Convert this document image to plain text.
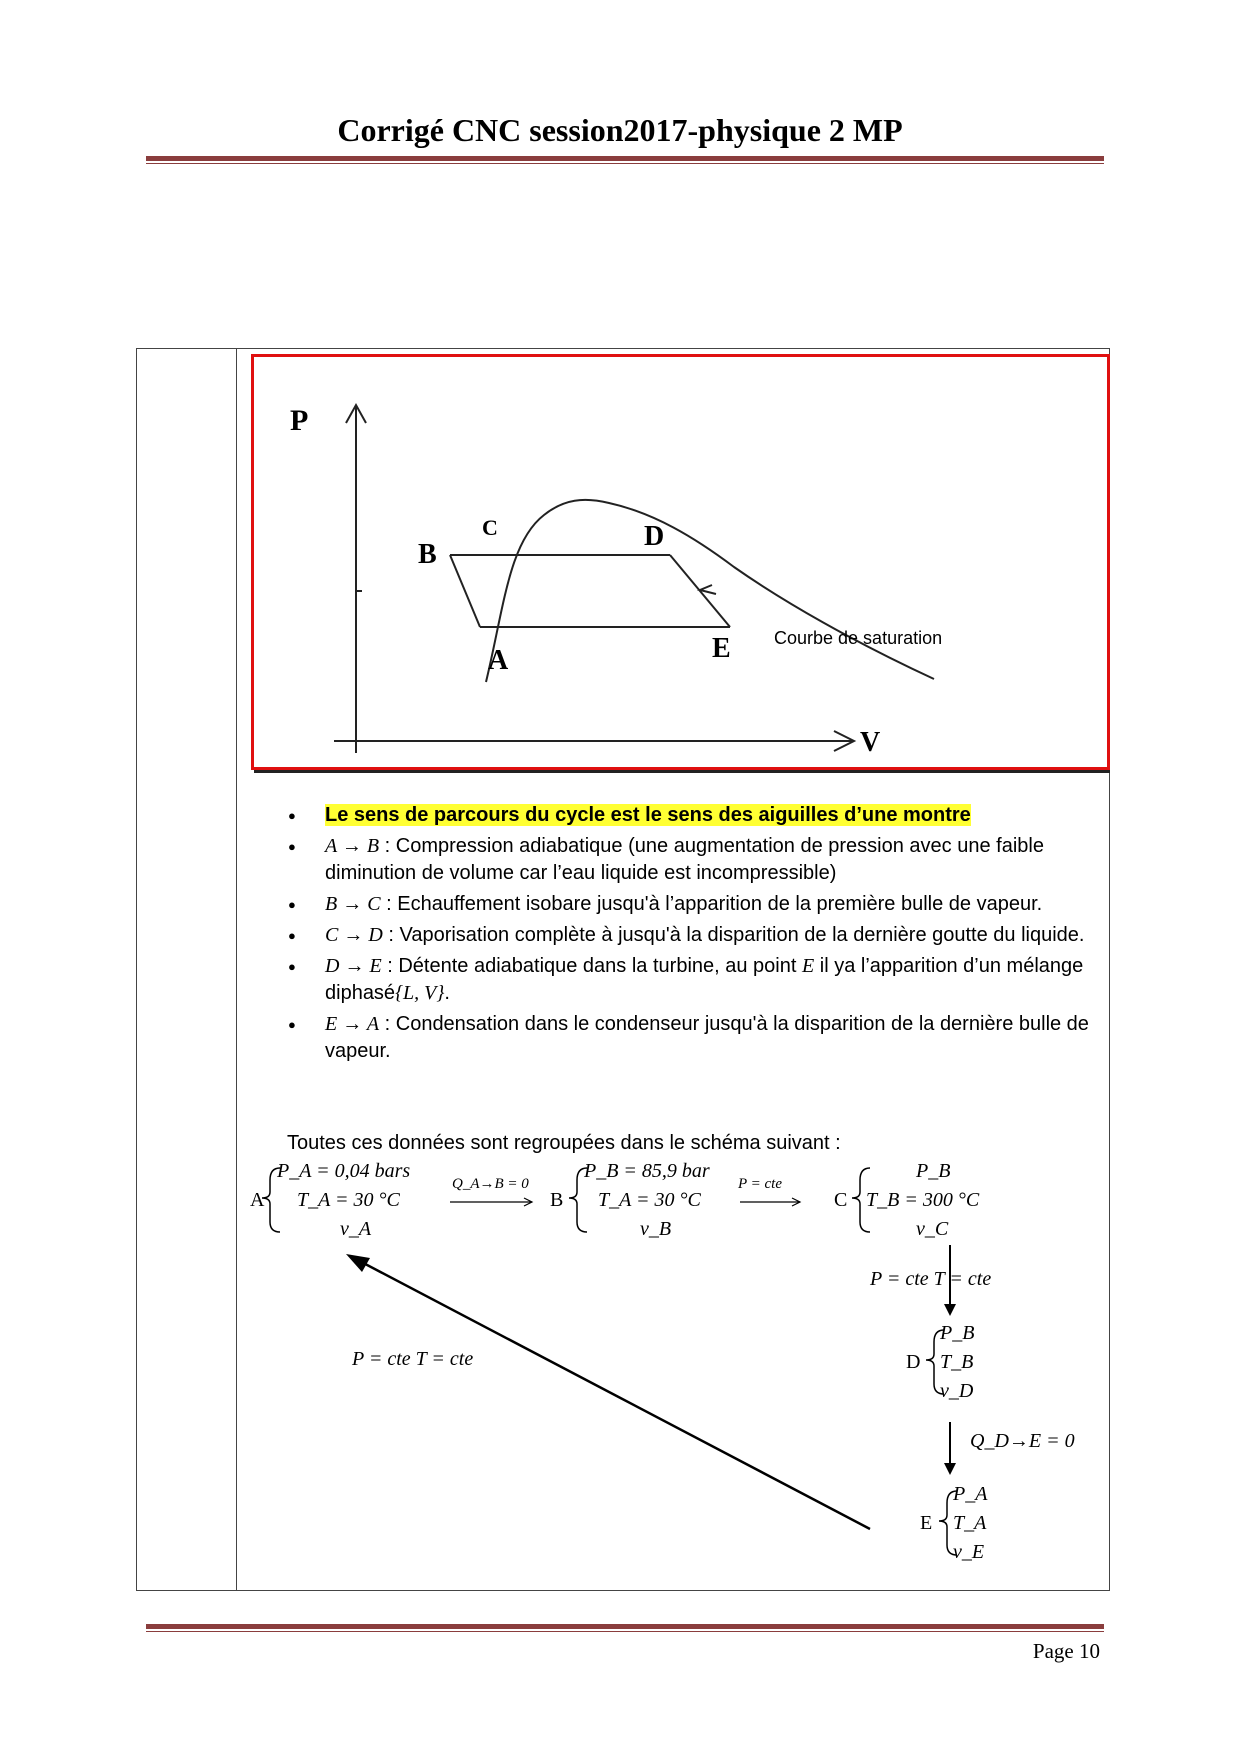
Corrigé CNC session2017-physique 2 MP
P
B
C	D
A	E Courbe de saturation
V
● Le sens de parcours du cycle est le sens des aiguilles d’une montre
● A → B : Compression adiabatique (une augmentation de pression avec une faible diminution de volume car l’eau liquide est incompressible)
● B → C : Echauffement isobare jusqu'à l’apparition de la première bulle de vapeur.
● C → D : Vaporisation complète à jusqu'à la disparition de la dernière goutte du liquide.
● D → E : Détente adiabatique dans la turbine, au point E il ya l’apparition d’un mélange diphasé{L, V}.
● E → A : Condensation dans le condenseur jusqu'à la disparition de la dernière bulle de vapeur.
Toutes ces données sont regroupées dans le schéma suivant :
A
P_A = 0,04 bars
T_A = 30 °C
v_A
Q_A→B = 0
B
P_B = 85,9 bar
T_A = 30 °C
v_B
P = cte
C
P_B
T_B = 300 °C
v_C
P = cte T = cte
D
P_B
T_B
v_D
Q_D→E = 0
E
P_A
T_A
v_E
P = cte T = cte
Page 10
